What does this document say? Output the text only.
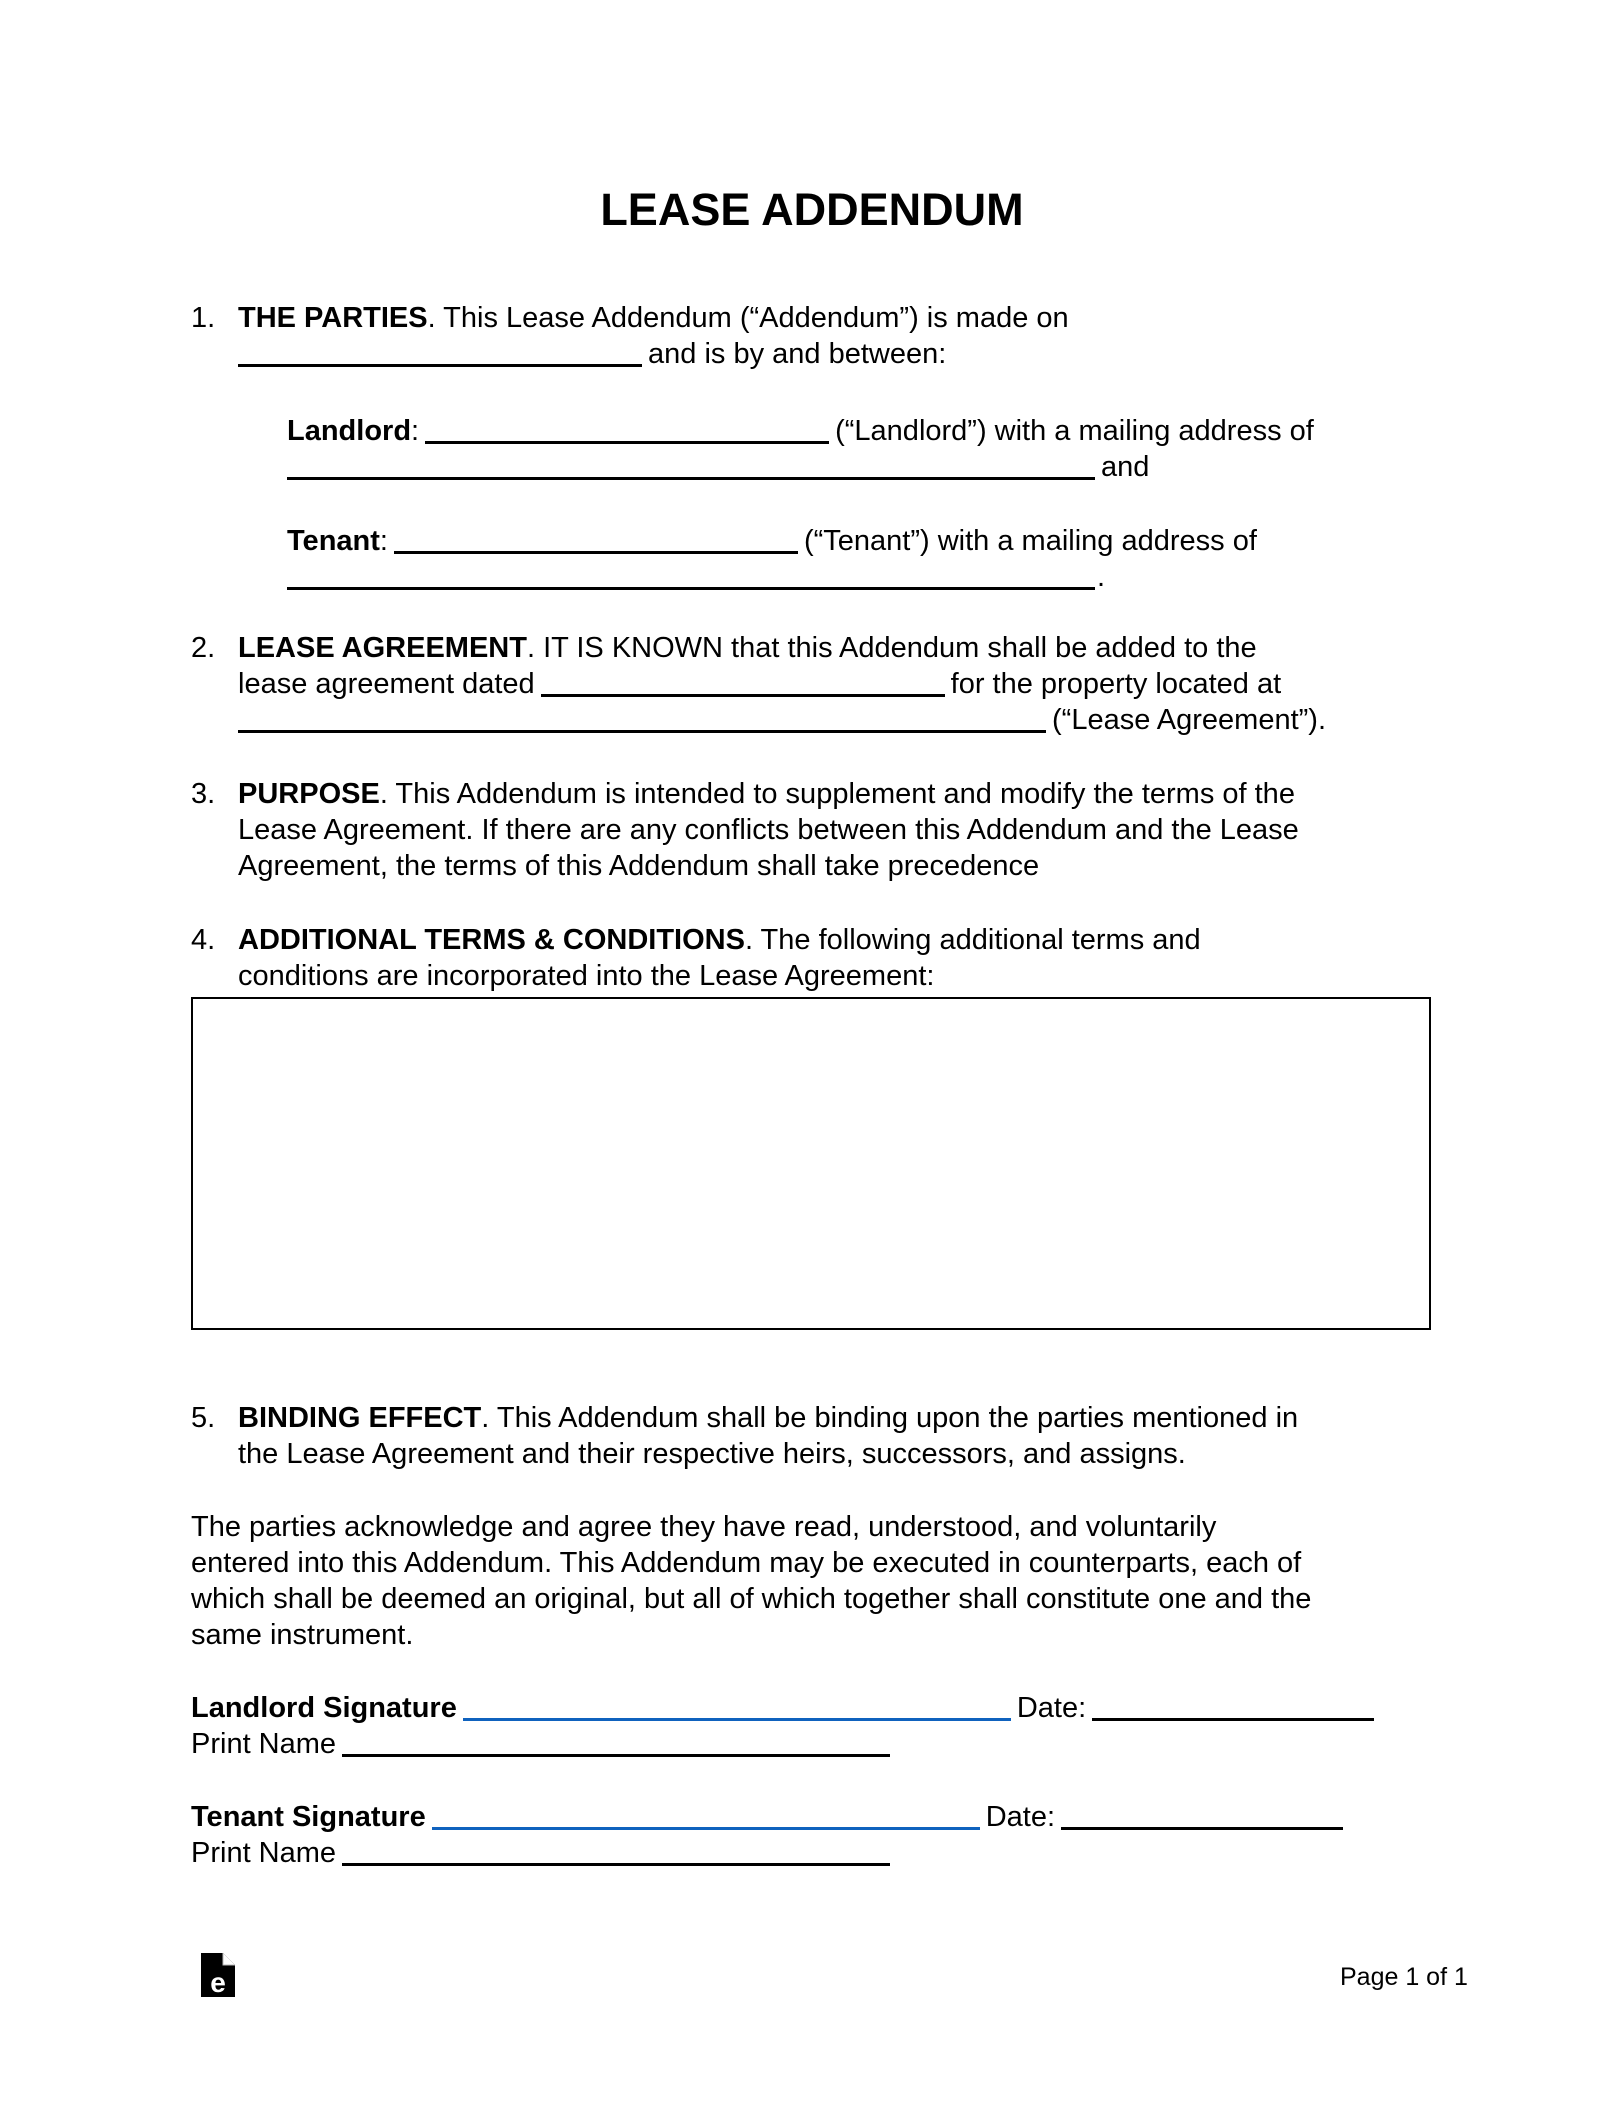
LEASE ADDENDUM
1. THE PARTIES. This Lease Addendum (“Addendum”) is made on
and is by and between:
Landlord:	(“Landlord”) with a mailing address of
and
Tenant:	(“Tenant”) with a mailing address of
.
2. LEASE AGREEMENT. IT IS KNOWN that this Addendum shall be added to the
lease agreement dated	for the property located at
(“Lease Agreement”).
3. PURPOSE. This Addendum is intended to supplement and modify the terms of the
Lease Agreement. If there are any conflicts between this Addendum and the Lease
Agreement, the terms of this Addendum shall take precedence
4. ADDITIONAL TERMS & CONDITIONS. The following additional terms and
conditions are incorporated into the Lease Agreement:
5. BINDING EFFECT. This Addendum shall be binding upon the parties mentioned in
the Lease Agreement and their respective heirs, successors, and assigns.
The parties acknowledge and agree they have read, understood, and voluntarily
entered into this Addendum. This Addendum may be executed in counterparts, each of
which shall be deemed an original, but all of which together shall constitute one and the
same instrument.
Landlord Signature	Date:
Print Name
Tenant Signature	Date:
Print Name
e	Page 1 of 1
